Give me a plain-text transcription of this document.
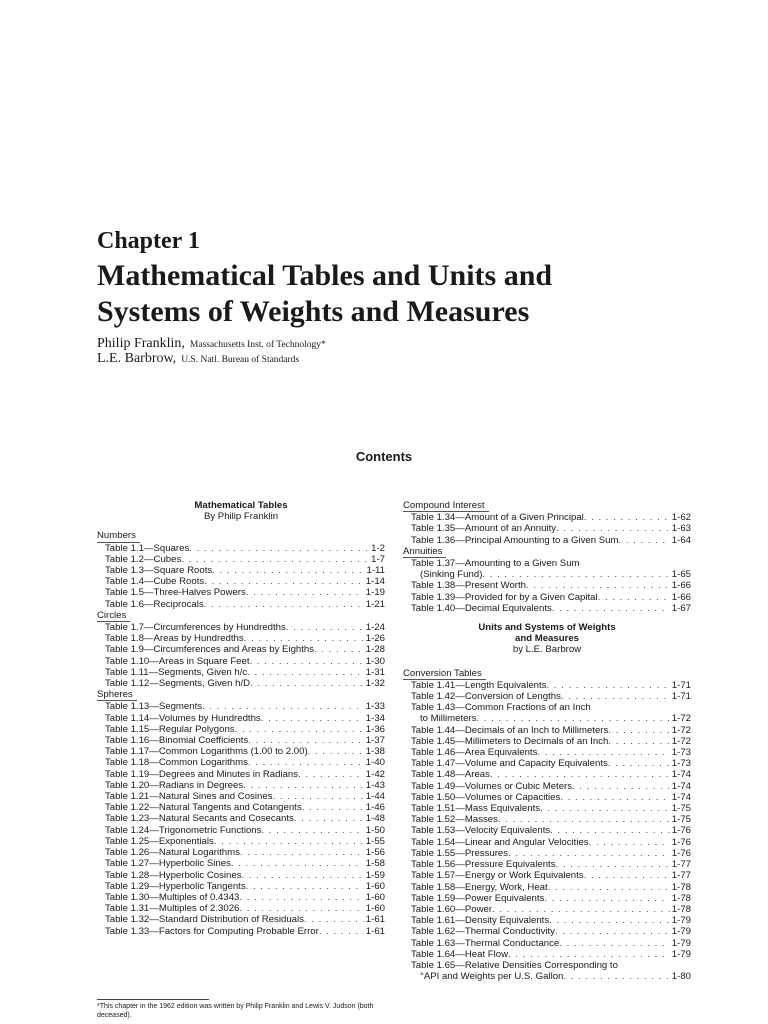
Chapter 1
Mathematical Tables and Units and
Systems of Weights and Measures
Philip Franklin, Massachusetts Inst. of Technology*
L.E. Barbrow, U.S. Natl. Bureau of Standards
Contents
Mathematical Tables
By Philip Franklin
Numbers
Table 1.1—Squares . . .	1-2
Table 1.2—Cubes . . .	1-7
Table 1.3—Square Roots . . .	1-11
Table 1.4—Cube Roots . . .	1-14
Table 1.5—Three-Halves Powers . . .	1-19
Table 1.6—Reciprocals . . .	1-21
Circles
Table 1.7—Circumferences by Hundredths . . .	1-24
Table 1.8—Areas by Hundredths . . .	1-26
Table 1.9—Circumferences and Areas by Eighths . . .	1-28
Table 1.10—Areas in Square Feet . . .	1-30
Table 1.11—Segments, Given h/c . . .	1-31
Table 1.12—Segments, Given h/D . . .	1-32
Spheres
Table 1.13—Segments . . .	1-33
Table 1.14—Volumes by Hundredths . . .	1-34
Table 1.15—Regular Polygons . . .	1-36
Table 1.16—Binomial Coefficients . . .	1-37
Table 1.17—Common Logarithms (1.00 to 2.00) . . .	1-38
Table 1.18—Common Logarithms . . .	1-40
Table 1.19—Degrees and Minutes in Radians . . .	1-42
Table 1.20—Radians in Degrees . . .	1-43
Table 1.21—Natural Sines and Cosines . . .	1-44
Table 1.22—Natural Tangents and Cotangents . . .	1-46
Table 1.23—Natural Secants and Cosecants . . .	1-48
Table 1.24—Trigonometric Functions . . .	1-50
Table 1.25—Exponentials . . .	1-55
Table 1.26—Natural Logarithms . . .	1-56
Table 1.27—Hyperbolic Sines . . .	1-58
Table 1.28—Hyperbolic Cosines . . .	1-59
Table 1.29—Hyperbolic Tangents . . .	1-60
Table 1.30—Multiples of 0.4343 . . .	1-60
Table 1.31—Multiples of 2.3026 . . .	1-60
Table 1.32—Standard Distribution of Residuals . . .	1-61
Table 1.33—Factors for Computing Probable Error . . .	1-61
Compound Interest
Table 1.34—Amount of a Given Principal . . .	1-62
Table 1.35—Amount of an Annuity . . .	1-63
Table 1.36—Principal Amounting to a Given Sum . . .	1-64
Annuities
Table 1.37—Amounting to a Given Sum
(Sinking Fund) . . .	1-65
Table 1.38—Present Worth . . .	1-66
Table 1.39—Provided for by a Given Capital . . .	1-66
Table 1.40—Decimal Equivalents . . .	1-67
Units and Systems of Weights
and Measures
by L.E. Barbrow
Conversion Tables
Table 1.41—Length Equivalents . . .	1-71
Table 1.42—Conversion of Lengths . . .	1-71
Table 1.43—Common Fractions of an Inch
to Millimeters . . .	1-72
Table 1.44—Decimals of an Inch to Millimeters . . .	1-72
Table 1.45—Millimeters to Decimals of an Inch . . .	1-72
Table 1.46—Area Equivalents . . .	1-73
Table 1.47—Volume and Capacity Equivalents . . .	1-73
Table 1.48—Areas . . .	1-74
Table 1.49—Volumes or Cubic Meters . . .	1-74
Table 1.50—Volumes or Capacities . . .	1-74
Table 1.51—Mass Equivalents . . .	1-75
Table 1.52—Masses . . .	1-75
Table 1.53—Velocity Equivalents . . .	1-76
Table 1.54—Linear and Angular Velocities . . .	1-76
Table 1.55—Pressures . . .	1-76
Table 1.56—Pressure Equivalents . . .	1-77
Table 1.57—Energy or Work Equivalents . . .	1-77
Table 1.58—Energy, Work, Heat . . .	1-78
Table 1.59—Power Equivalents . . .	1-78
Table 1.60—Power . . .	1-78
Table 1.61—Density Equivalents . . .	1-79
Table 1.62—Thermal Conductivity . . .	1-79
Table 1.63—Thermal Conductance . . .	1-79
Table 1.64—Heat Flow . . .	1-79
Table 1.65—Relative Densities Corresponding to
°API and Weights per U.S. Gallon . . .	1-80
*This chapter in the 1962 edition was written by Philip Franklin and Lewis V. Judson (both deceased).
